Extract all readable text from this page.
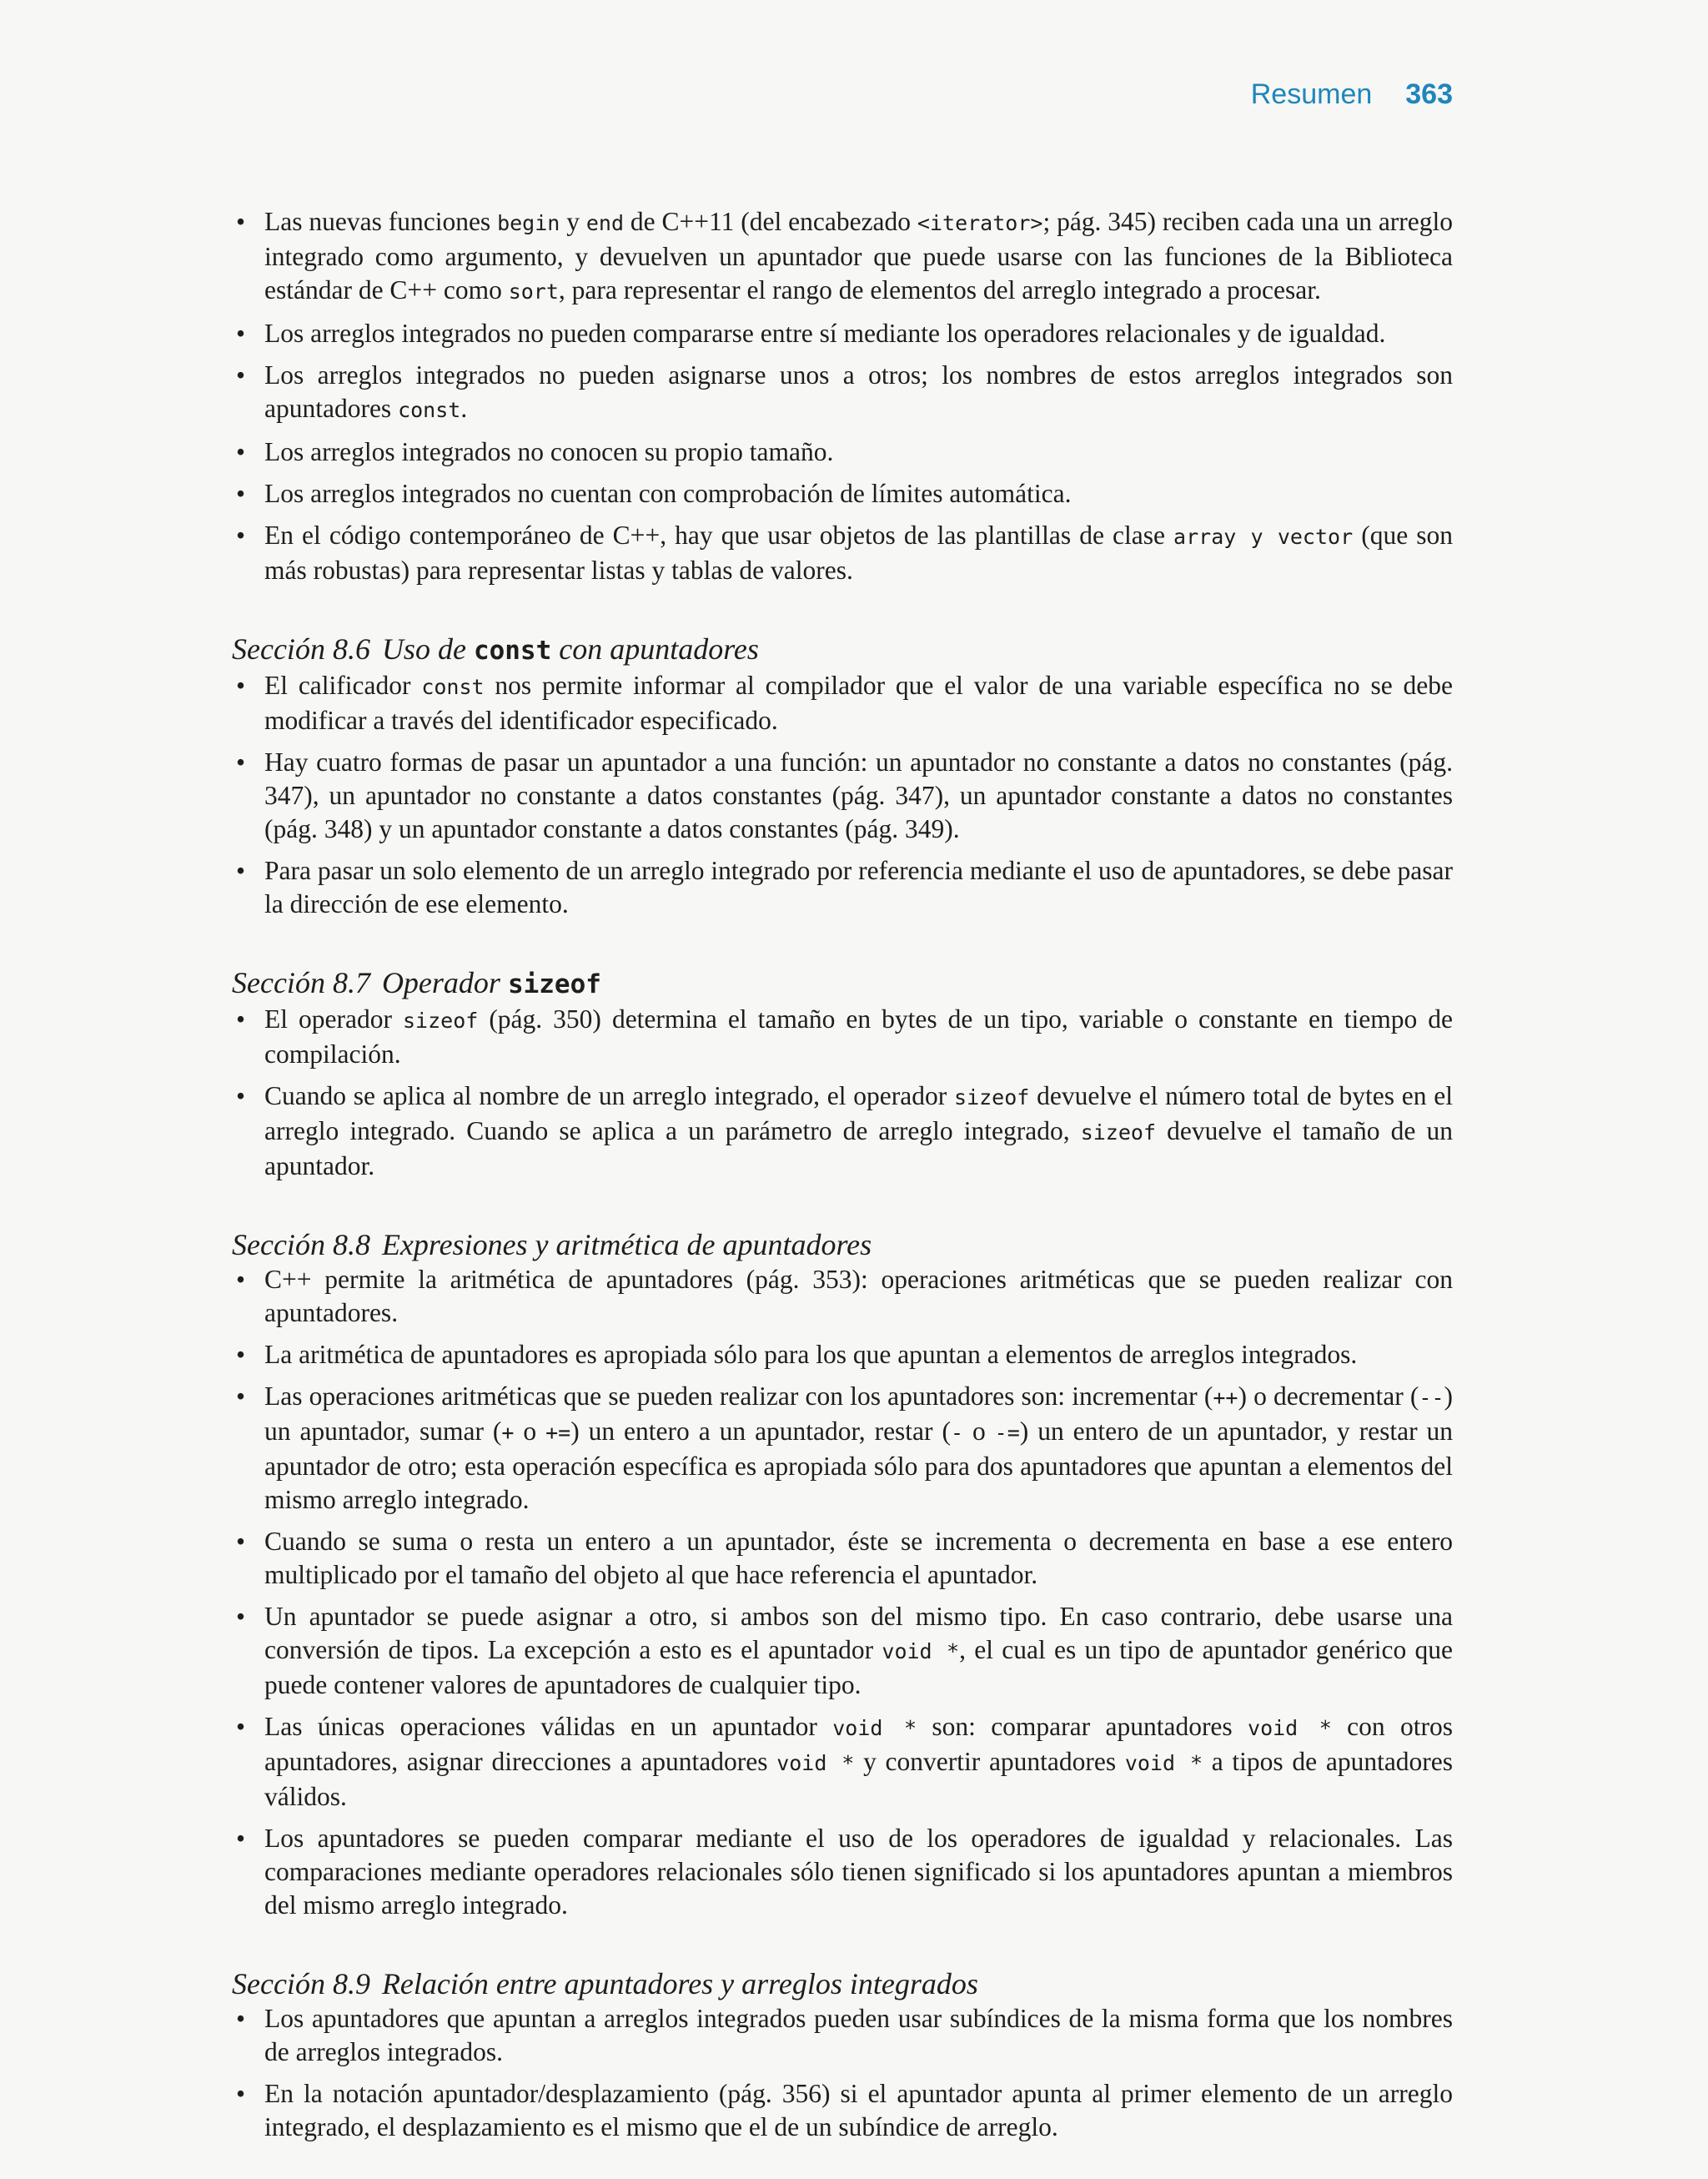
Resumen 363
• Las nuevas funciones begin y end de C++11 (del encabezado <iterator>; pág. 345) reciben cada una un arreglo integrado como argumento, y devuelven un apuntador que puede usarse con las funciones de la Biblioteca estándar de C++ como sort, para representar el rango de elementos del arreglo integrado a procesar.
• Los arreglos integrados no pueden compararse entre sí mediante los operadores relacionales y de igualdad.
• Los arreglos integrados no pueden asignarse unos a otros; los nombres de estos arreglos integrados son apuntadores const.
• Los arreglos integrados no conocen su propio tamaño.
• Los arreglos integrados no cuentan con comprobación de límites automática.
• En el código contemporáneo de C++, hay que usar objetos de las plantillas de clase array y vector (que son más robustas) para representar listas y tablas de valores.
Sección 8.6 Uso de const con apuntadores
• El calificador const nos permite informar al compilador que el valor de una variable específica no se debe modificar a través del identificador especificado.
• Hay cuatro formas de pasar un apuntador a una función: un apuntador no constante a datos no constantes (pág. 347), un apuntador no constante a datos constantes (pág. 347), un apuntador constante a datos no constantes (pág. 348) y un apuntador constante a datos constantes (pág. 349).
• Para pasar un solo elemento de un arreglo integrado por referencia mediante el uso de apuntadores, se debe pasar la dirección de ese elemento.
Sección 8.7 Operador sizeof
• El operador sizeof (pág. 350) determina el tamaño en bytes de un tipo, variable o constante en tiempo de compilación.
• Cuando se aplica al nombre de un arreglo integrado, el operador sizeof devuelve el número total de bytes en el arreglo integrado. Cuando se aplica a un parámetro de arreglo integrado, sizeof devuelve el tamaño de un apuntador.
Sección 8.8 Expresiones y aritmética de apuntadores
• C++ permite la aritmética de apuntadores (pág. 353): operaciones aritméticas que se pueden realizar con apuntadores.
• La aritmética de apuntadores es apropiada sólo para los que apuntan a elementos de arreglos integrados.
• Las operaciones aritméticas que se pueden realizar con los apuntadores son: incrementar (++) o decrementar (--) un apuntador, sumar (+ o +=) un entero a un apuntador, restar (- o -=) un entero de un apuntador, y restar un apuntador de otro; esta operación específica es apropiada sólo para dos apuntadores que apuntan a elementos del mismo arreglo integrado.
• Cuando se suma o resta un entero a un apuntador, éste se incrementa o decrementa en base a ese entero multiplicado por el tamaño del objeto al que hace referencia el apuntador.
• Un apuntador se puede asignar a otro, si ambos son del mismo tipo. En caso contrario, debe usarse una conversión de tipos. La excepción a esto es el apuntador void *, el cual es un tipo de apuntador genérico que puede contener valores de apuntadores de cualquier tipo.
• Las únicas operaciones válidas en un apuntador void * son: comparar apuntadores void * con otros apuntadores, asignar direcciones a apuntadores void * y convertir apuntadores void * a tipos de apuntadores válidos.
• Los apuntadores se pueden comparar mediante el uso de los operadores de igualdad y relacionales. Las comparaciones mediante operadores relacionales sólo tienen significado si los apuntadores apuntan a miembros del mismo arreglo integrado.
Sección 8.9 Relación entre apuntadores y arreglos integrados
• Los apuntadores que apuntan a arreglos integrados pueden usar subíndices de la misma forma que los nombres de arreglos integrados.
• En la notación apuntador/desplazamiento (pág. 356) si el apuntador apunta al primer elemento de un arreglo integrado, el desplazamiento es el mismo que el de un subíndice de arreglo.
